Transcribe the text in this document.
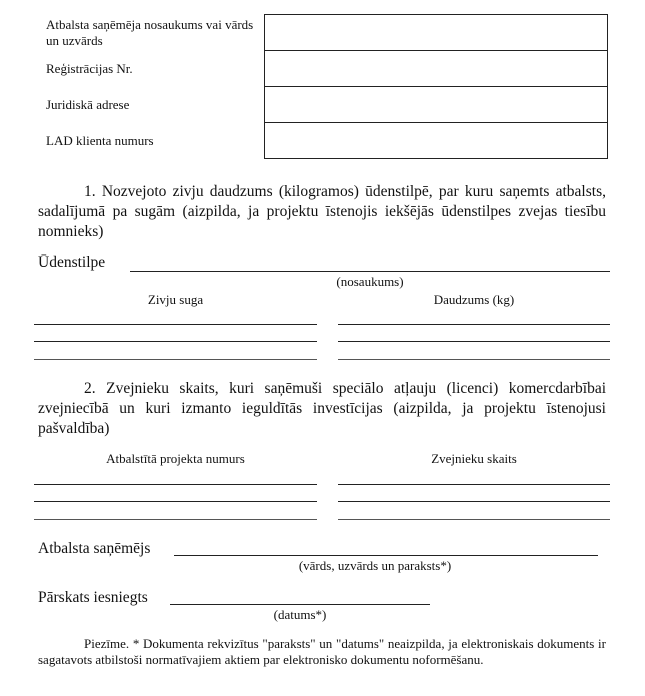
Atbalsta saņēmēja nosaukums vai vārds un uzvārds	
Reģistrācijas Nr.	
Juridiskā adrese	
LAD klienta numurs	
1. Nozvejoto zivju daudzums (kilogramos) ūdenstilpē, par kuru saņemts atbalsts, sadalījumā pa sugām (aizpilda, ja projektu īstenojis iekšējās ūdenstilpes zvejas tiesību nomnieks)
Ūdenstilpe
(nosaukums)
Zivju suga	Daudzums (kg)
2. Zvejnieku skaits, kuri saņēmuši speciālo atļauju (licenci) komercdarbībai zvejniecībā un kuri izmanto ieguldītās investīcijas (aizpilda, ja projektu īstenojusi pašvaldība)
Atbalstītā projekta numurs	Zvejnieku skaits
Atbalsta saņēmējs
(vārds, uzvārds un paraksts*)
Pārskats iesniegts
(datums*)
Piezīme. * Dokumenta rekvizītus "paraksts" un "datums" neaizpilda, ja elektroniskais dokuments ir sagatavots atbilstoši normatīvajiem aktiem par elektronisko dokumentu noformēšanu.
